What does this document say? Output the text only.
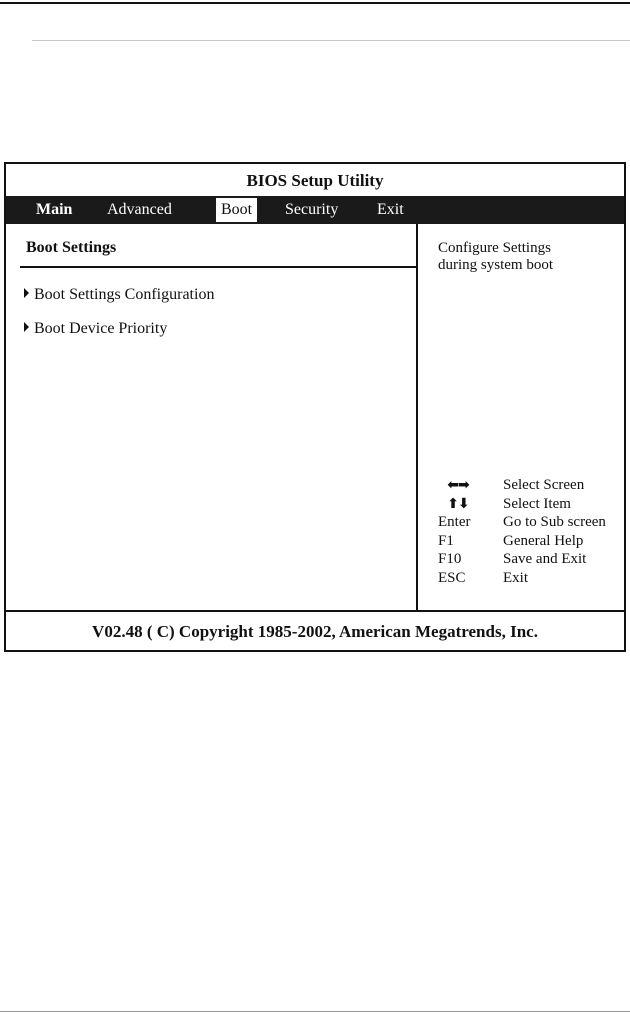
BIOS Setup Utility
Main	Advanced	Boot	Security	Exit
Boot Settings
Boot Settings Configuration
Boot Device Priority
Configure Settings
during system boot
⬅➡	Select Screen
⬆⬇	Select Item
Enter	Go to Sub screen
F1	General Help
F10	Save and Exit
ESC	Exit
V02.48 ( C) Copyright 1985-2002, American Megatrends, Inc.
